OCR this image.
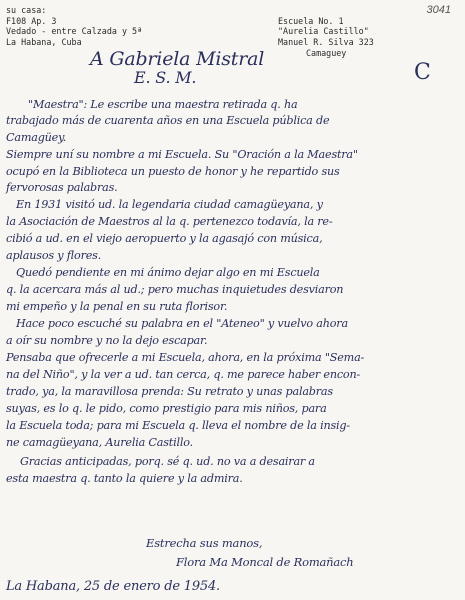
3041
su casa:
F108 Ap. 3
Vedado - entre Calzada y 5ª
La Habana, Cuba
Escuela No. 1
"Aurelia Castillo"
Manuel R. Silva 323
Camaguey
A Gabriela Mistral
E. S. M.	C
"Maestra": Le escribe una maestra retirada q. ha
trabajado más de cuarenta años en una Escuela pública de
Camagüey.
Siempre uní su nombre a mi Escuela. Su "Oración a la Maestra"
ocupó en la Biblioteca un puesto de honor y he repartido sus
fervorosas palabras.
En 1931 visitó ud. la legendaria ciudad camagüeyana, y
la Asociación de Maestros al la q. pertenezco todavía, la re-
cibió a ud. en el viejo aeropuerto y la agasajó con música,
aplausos y flores.
Quedó pendiente en mi ánimo dejar algo en mi Escuela
q. la acercara más al ud.; pero muchas inquietudes desviaron
mi empeño y la penal en su ruta florisor.
Hace poco escuché su palabra en el "Ateneo" y vuelvo ahora
a oír su nombre y no la dejo escapar.
Pensaba que ofrecerle a mi Escuela, ahora, en la próxima "Sema-
na del Niño", y la ver a ud. tan cerca, q. me parece haber encon-
trado, ya, la maravillosa prenda: Su retrato y unas palabras
suyas, es lo q. le pido, como prestigio para mis niños, para
la Escuela toda; para mi Escuela q. lleva el nombre de la insig-
ne camagüeyana, Aurelia Castillo.
Gracias anticipadas, porq. sé q. ud. no va a desairar a
esta maestra q. tanto la quiere y la admira.
Estrecha sus manos,
Flora Ma Moncal de Romañach
La Habana, 25 de enero de 1954.
